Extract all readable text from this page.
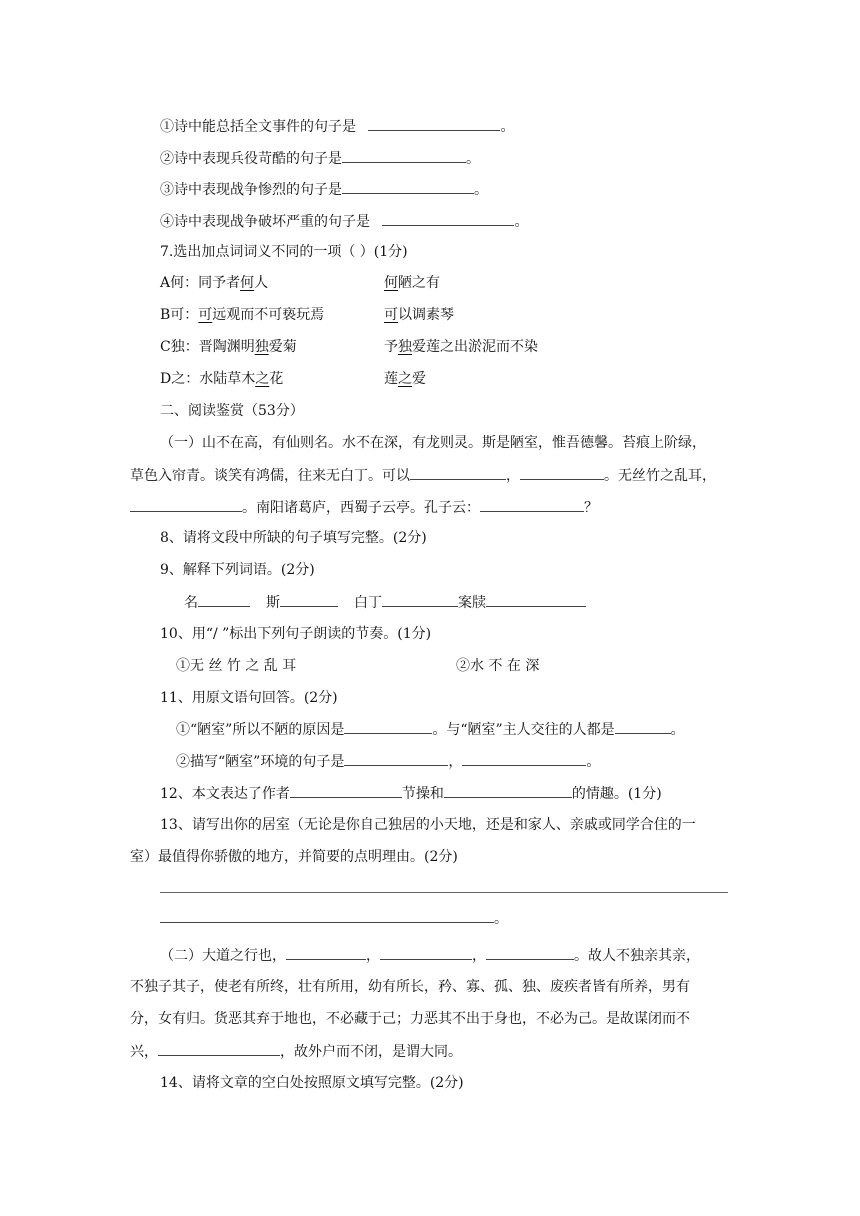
①诗中能总括全文事件的句子是	。
②诗中表现兵役苛酷的句子是	。
③诗中表现战争惨烈的句子是	。
④诗中表现战争破坏严重的句子是	。
7.选出加点词词义不同的一项（ ）(1分)
A何：同予者何人	何陋之有
B可：可远观而不可亵玩焉	可以调素琴
C独：晋陶渊明独爱菊	予独爱莲之出淤泥而不染
D之：水陆草木之花	莲之爱
二、阅读鉴赏（53分）
（一）山不在高，有仙则名。水不在深，有龙则灵。斯是陋室，惟吾德馨。苔痕上阶绿，
草色入帘青。谈笑有鸿儒，往来无白丁。可以	，	。无丝竹之乱耳，
。南阳诸葛庐，西蜀子云亭。孔子云：	？
8、请将文段中所缺的句子填写完整。(2分)
9、解释下列词语。(2分)
名	斯	白丁	案牍
10、用“/ ”标出下列句子朗读的节奏。(1分)
①无 丝 竹 之 乱 耳	②水 不 在 深
11、用原文语句回答。(2分)
①“陋室”所以不陋的原因是	。与“陋室”主人交往的人都是	。
②描写“陋室”环境的句子是	，	。
12、本文表达了作者	节操和	的情趣。(1分)
13、请写出你的居室（无论是你自己独居的小天地，还是和家人、亲戚或同学合住的一
室）最值得你骄傲的地方，并简要的点明理由。(2分)
。
（二）大道之行也，	，	，	。故人不独亲其亲，
不独子其子，使老有所终，壮有所用，幼有所长，矜、寡、孤、独、废疾者皆有所养，男有
分，女有归。货恶其弃于地也，不必藏于己；力恶其不出于身也，不必为己。是故谋闭而不
兴，	，故外户而不闭，是谓大同。
14、请将文章的空白处按照原文填写完整。(2分)
